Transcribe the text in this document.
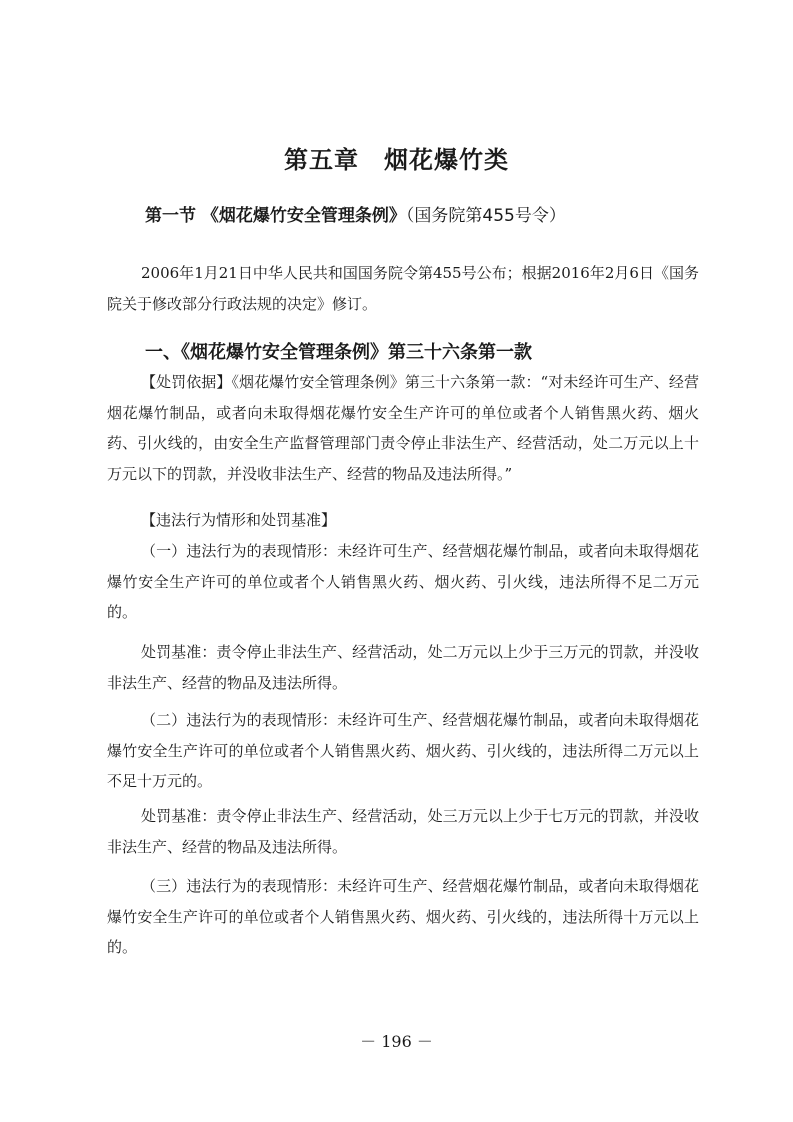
第五章　烟花爆竹类
第一节 《烟花爆竹安全管理条例》（国务院第455号令）
2006年1月21日中华人民共和国国务院令第455号公布；根据2016年2月6日《国务院关于修改部分行政法规的决定》修订。
一、《烟花爆竹安全管理条例》第三十六条第一款
【处罚依据】《烟花爆竹安全管理条例》第三十六条第一款：“对未经许可生产、经营烟花爆竹制品，或者向未取得烟花爆竹安全生产许可的单位或者个人销售黑火药、烟火药、引火线的，由安全生产监督管理部门责令停止非法生产、经营活动，处二万元以上十万元以下的罚款，并没收非法生产、经营的物品及违法所得。”
【违法行为情形和处罚基准】
（一）违法行为的表现情形：未经许可生产、经营烟花爆竹制品，或者向未取得烟花爆竹安全生产许可的单位或者个人销售黑火药、烟火药、引火线，违法所得不足二万元的。
处罚基准：责令停止非法生产、经营活动，处二万元以上少于三万元的罚款，并没收非法生产、经营的物品及违法所得。
（二）违法行为的表现情形：未经许可生产、经营烟花爆竹制品，或者向未取得烟花爆竹安全生产许可的单位或者个人销售黑火药、烟火药、引火线的，违法所得二万元以上不足十万元的。
处罚基准：责令停止非法生产、经营活动，处三万元以上少于七万元的罚款，并没收非法生产、经营的物品及违法所得。
（三）违法行为的表现情形：未经许可生产、经营烟花爆竹制品，或者向未取得烟花爆竹安全生产许可的单位或者个人销售黑火药、烟火药、引火线的，违法所得十万元以上的。
－ 196 －
